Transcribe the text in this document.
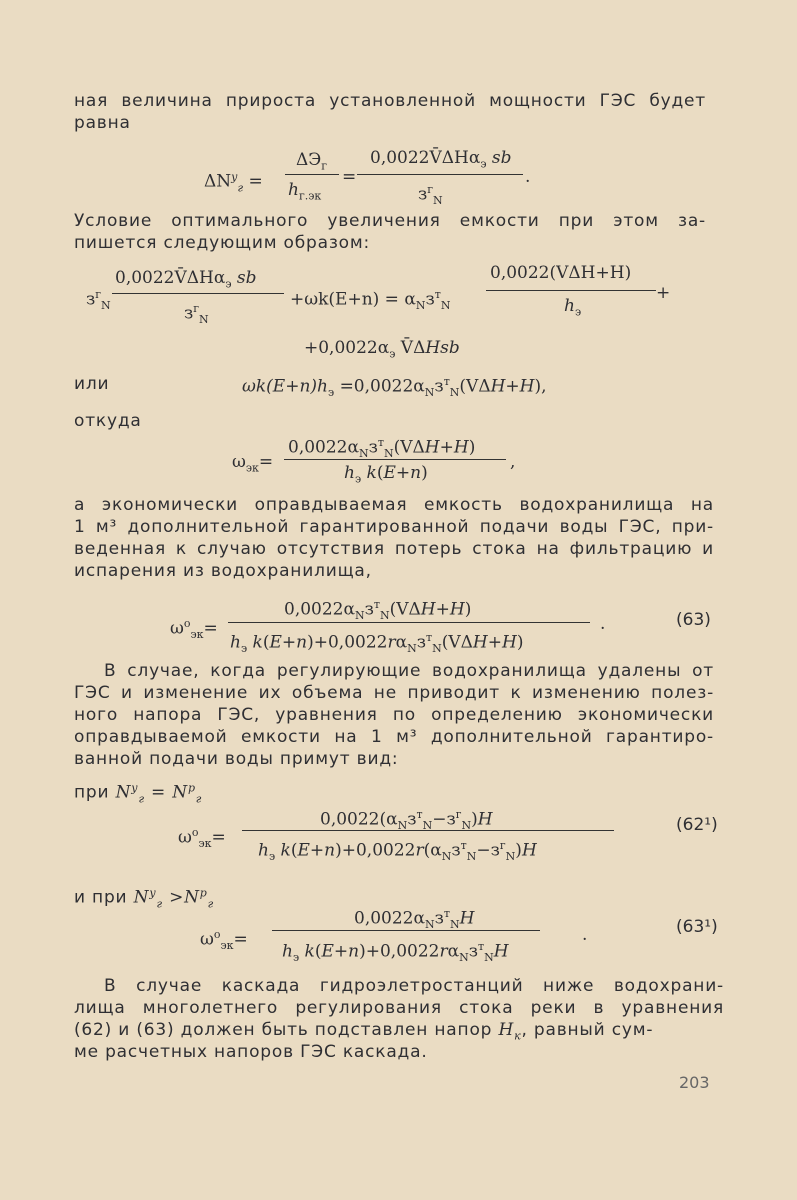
ная величина прироста установленной мощности ГЭС будет
равна
$\Delta N^у_г$ =
$\Delta Э_г$
$h_{г.эк}$
=
0,0022V̄ΔHα$_э$ sb
$з^г_N$
.
Условие оптимального увеличения емкости при этом за-
пишется следующим образом:
$з^г_N$
0,0022V̄ΔHα$_э$ sb
$з^г_N$
$+\omega k(E+n) = \alpha_Nз^т_N$
0,0022(VΔH+H)
$h_э$
+
$+0,0022\alpha_э$ V̄ΔHsb
или	$\omega k(E+n)h_э =0,0022\alpha_Nз^т_N(V\Delta H+H)$,
откуда
$\omega_{эк}=$
$0,0022\alpha_Nз^т_N(V\Delta H+H)$
$h_э$ k(E+n)
,
а экономически оправдываемая емкость водохранилища на
1 м³ дополнительной гарантированной подачи воды ГЭС, при-
веденная к случаю отсутствия потерь стока на фильтрацию и
испарения из водохранилища,
$\omega^о_{эк}=$
$0,0022\alpha_Nз^т_N(V\Delta H+H)$
$h_э$ $k(E+n)+0,0022r\alpha_Nз^т_N(V\Delta H+H)$
.	(63)
В случае, когда регулирующие водохранилища удалены от
ГЭС и изменение их объема не приводит к изменению полез-
ного напора ГЭС, уравнения по определению экономически
оправдываемой емкости на 1 м³ дополнительной гарантиро-
ванной подачи воды примут вид:
при $N^у_г = N^р_г$
$\omega^о_{эк}=$
$0,0022(\alpha_Nз^т_N-з^г_N)H$
$h_э$ $k(E+n)+0,0022r(\alpha_Nз^т_N-з^г_N)H$
(62¹)
и при $N^у_г >N^р_г$
$\omega^о_{эк}=$
$0,0022\alpha_Nз^т_NH$
$h_э$ $k(E+n)+0,0022r\alpha_Nз^т_NH$
.	(63¹)
В случае каскада гидроэлетростанций ниже водохрани-
лища многолетнего регулирования стока реки в уравнения
(62) и (63) должен быть подставлен напор $H_к$, равный сум-
ме расчетных напоров ГЭС каскада.
203
